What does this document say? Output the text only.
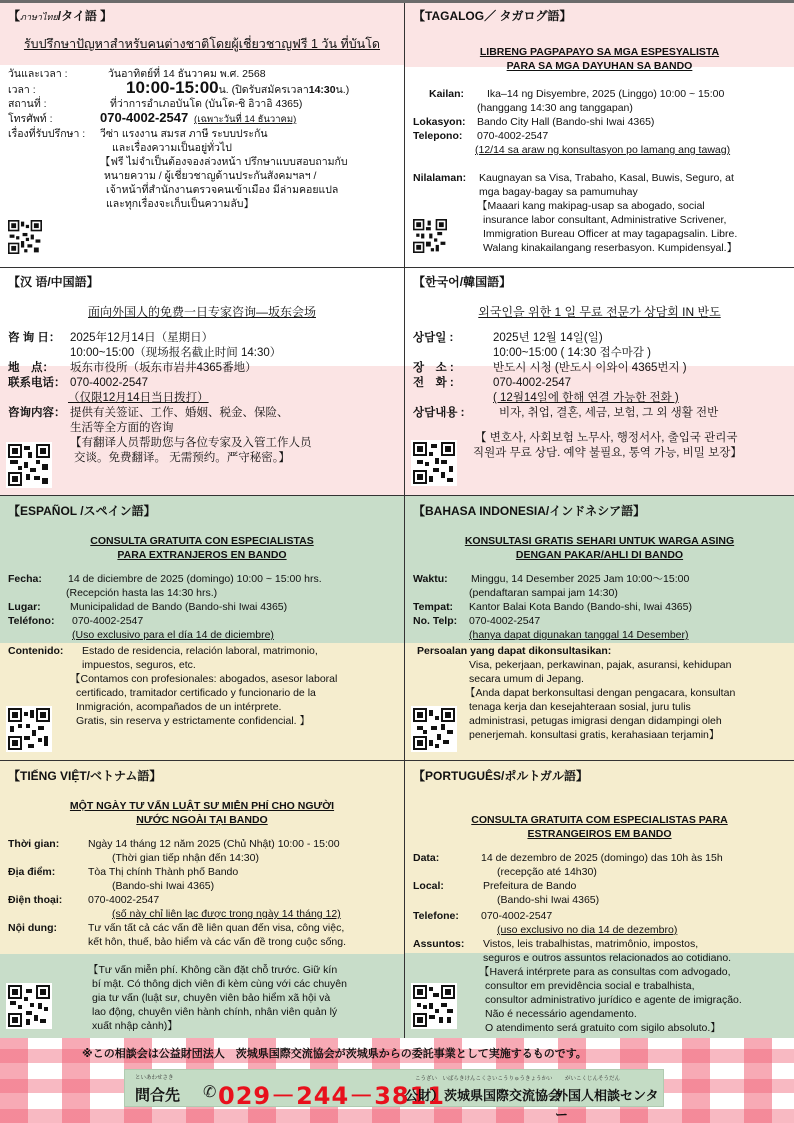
【ภาษาไทย/タイ語 】
รับปรึกษาปัญหาสำหรับคนต่างชาติโดยผู้เชี่ยวชาญฟรี 1 วัน ที่บันโด
วันและเวลา :	วันอาทิตย์ที่ 14 ธันวาคม พ.ศ. 2568
เวลา :	10:00-15:00 น. (ปิดรับสมัครเวลา 14:30 น.)
สถานที่ :	ที่ว่าการอำเภอบันโด (บันโด-ชิ อิวาอิ 4365)
โทรศัพท์ :	070-4002-2547
(เฉพาะวันที่ 14 ธันวาคม)
เรื่องที่รับปรึกษา :	วีซ่า แรงงาน สมรส ภาษี ระบบประกัน
และเรื่องความเป็นอยู่ทั่วไป
【ฟรี ไม่จำเป็นต้องจองล่วงหน้า ปรึกษาแบบสอบถามกับ
หนายความ / ผู้เชี่ยวชาญด้านประกันสังคมฯลฯ /
เจ้าหน้าที่สำนักงานตรวจคนเข้าเมือง มีล่ามคอยแปล
และทุกเรื่องจะเก็บเป็นความลับ】
【TAGALOG／ タガログ語】
LIBRENG PAGPAPAYO SA MGA ESPESYALISTA
PARA SA MGA DAYUHAN SA BANDO
Kailan:	Ika–14 ng Disyembre, 2025 (Linggo) 10:00 ~ 15:00
(hanggang 14:30 ang tanggapan)
Lokasyon:	Bando City Hall (Bando-shi Iwai 4365)
Telepono:	070-4002-2547
(12/14 sa araw ng konsultasyon po lamang ang tawag)
Nilalaman:	Kaugnayan sa Visa, Trabaho, Kasal, Buwis, Seguro, at
mga bagay-bagay sa pamumuhay
【Maaari kang makipag-usap sa abogado, social
insurance labor consultant, Administrative Scrivener,
Immigration Bureau Officer at may tagapagsalin. Libre.
Walang kinakailangang reserbasyon. Kumpidensyal.】
【汉 语/中国語】
面向外国人的免费一日专家咨询—坂东会场
咨 询 日： 2025年12月14日（星期日）
10:00~15:00（现场报名截止时间 14:30）
地　点：	坂东市役所（坂东市岩井4365番地）
联系电话： 070-4002-2547
（仅限12月14日当日拨打）
咨询内容： 提供有关签证、工作、婚姻、税金、保险、
生活等全方面的咨询
【有翻译人员帮助您与各位专家及入管工作人员
交谈。免费翻译。 无需预约。严守秘密。】
【한국어/韓国語】
외국인을 위한 1 일 무료 전문가 상담회 IN 반도
상담일 :	2025년 12월 14일(일)
10:00~15:00 ( 14:30 접수마감 )
장　소 :	반도시 시청 (반도시 이와이 4365번지 )
전　화 :	070-4002-2547
( 12월14일에 한해 연결 가능한 전화 )
상담내용 :	비자, 취업, 결혼, 세금, 보험, 그 외 생활 전반
【 변호사, 사회보험 노무사, 행정서사, 출입국 관리국
직원과 무료 상담. 예약 불필요, 통역 가능, 비밀 보장】
【ESPAÑOL /スペイン語】
CONSULTA GRATUITA CON ESPECIALISTAS
PARA EXTRANJEROS EN BANDO
Fecha:	14 de diciembre de 2025 (domingo) 10:00 ~ 15:00 hrs.
(Recepción hasta las 14:30 hrs.)
Lugar:	Municipalidad de Bando (Bando-shi Iwai 4365)
Teléfono:	070-4002-2547
(Uso exclusivo para el día 14 de diciembre)
Contenido:	Estado de residencia, relación laboral, matrimonio,
impuestos, seguros, etc.
【Contamos con profesionales: abogados, asesor laboral
certificado, tramitador certificado y funcionario de la
Inmigración, acompañados de un intérprete.
Gratis, sin reserva y estrictamente confidencial. 】
【BAHASA INDONESIA/インドネシア語】
KONSULTASI GRATIS SEHARI UNTUK WARGA ASING
DENGAN PAKAR/AHLI DI BANDO
Waktu:	Minggu, 14 Desember 2025 Jam 10:00〜15:00
(pendaftaran sampai jam 14:30)
Tempat:	Kantor Balai Kota Bando (Bando-shi, Iwai 4365)
No. Telp:	070-4002-2547
(hanya dapat digunakan tanggal 14 Desember)
Persoalan yang dapat dikonsultasikan:
Visa, pekerjaan, perkawinan, pajak, asuransi, kehidupan
secara umum di Jepang.
【Anda dapat berkonsultasi dengan pengacara, konsultan
tenaga kerja dan kesejahteraan sosial, juru tulis
administrasi, petugas imigrasi dengan didampingi oleh
penerjemah. konsultasi gratis, kerahasiaan terjamin】
【TIẾNG VIỆT/ベトナム語】
MỘT NGÀY TƯ VẤN LUẬT SƯ MIỄN PHÍ CHO NGƯỜI
NƯỚC NGOÀI TẠI BANDO
Thời gian:	Ngày 14 tháng 12 năm 2025 (Chủ Nhật) 10:00 - 15:00
(Thời gian tiếp nhận đến 14:30)
Địa điểm:	Tòa Thị chính Thành phố Bando
(Bando-shi Iwai 4365)
Điện thoại:	070-4002-2547
(số này chỉ liên lạc được trong ngày 14 tháng 12)
Nội dung:	Tư vấn tất cả các vấn đề liên quan đến visa, công việc,
kết hôn, thuế, bảo hiểm và các vấn đề trong cuộc sống.
【Tư vấn miễn phí. Không cần đặt chỗ trước. Giữ kín
bí mật. Có thông dịch viên đi kèm cùng với các chuyên
gia tư vấn (luật sư, chuyên viên bảo hiểm xã hội và
lao động, chuyên viên hành chính, nhân viên quản lý
xuất nhập cảnh)】
【PORTUGUÊS/ポルトガル語】
CONSULTA GRATUITA COM ESPECIALISTAS PARA
ESTRANGEIROS EM BANDO
Data:	14 de dezembro de 2025 (domingo) das 10h às 15h
(recepção até 14h30)
Local:	Prefeitura de Bando
(Bando-shi Iwai 4365)
Telefone:	070-4002-2547
(uso exclusivo no dia 14 de dezembro)
Assuntos:	Vistos, leis trabalhistas, matrimônio, impostos,
seguros e outros assuntos relacionados ao cotidiano.
【Haverá intérprete para as consultas com advogado,
consultor em previdência social e trabalhista,
consultor administrativo jurídico e agente de imigração.
Não é necessário agendamento.
O atendimento será gratuito com sigilo absoluto.】
※この相談会は公益財団法人　茨城県国際交流協会が茨城県からの委託事業として実施するものです。
といあわせさき
問合先 ✆ 029－244－3811
こうざい　いばらきけんこくさいこうりゅうきょうかい
公財）茨城県国際交流協会
がいこくじんそうだん
外国人相談センター
